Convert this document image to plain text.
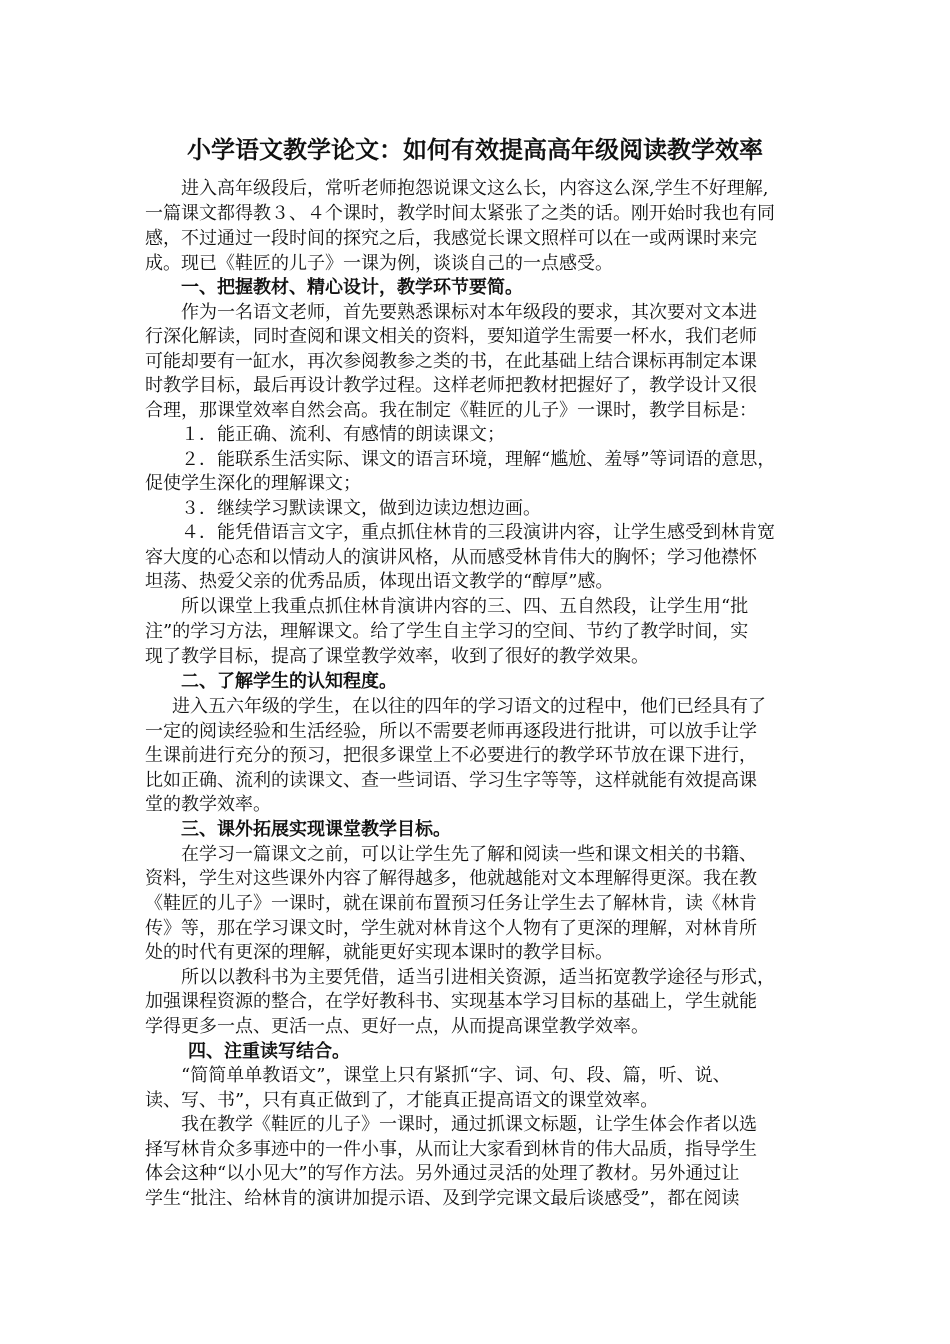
小学语文教学论文：如何有效提高高年级阅读教学效率
进入高年级段后，常听老师抱怨说课文这么长，内容这么深,学生不好理解,
一篇课文都得教３、４个课时，教学时间太紧张了之类的话。刚开始时我也有同
感，不过通过一段时间的探究之后，我感觉长课文照样可以在一或两课时来完
成。现已《鞋匠的儿子》一课为例，谈谈自己的一点感受。
一、把握教材、精心设计，教学环节要简。
作为一名语文老师，首先要熟悉课标对本年级段的要求，其次要对文本进
行深化解读，同时查阅和课文相关的资料，要知道学生需要一杯水，我们老师
可能却要有一缸水，再次参阅教参之类的书，在此基础上结合课标再制定本课
时教学目标，最后再设计教学过程。这样老师把教材把握好了，教学设计又很
合理，那课堂效率自然会高。我在制定《鞋匠的儿子》一课时，教学目标是：
１．能正确、流利、有感情的朗读课文；
２．能联系生活实际、课文的语言环境，理解“尴尬、羞辱”等词语的意思，
促使学生深化的理解课文；
３．继续学习默读课文，做到边读边想边画。
４．能凭借语言文字，重点抓住林肯的三段演讲内容，让学生感受到林肯宽
容大度的心态和以情动人的演讲风格，从而感受林肯伟大的胸怀；学习他襟怀
坦荡、热爱父亲的优秀品质，体现出语文教学的“醇厚”感。
所以课堂上我重点抓住林肯演讲内容的三、四、五自然段，让学生用“批
注”的学习方法，理解课文。给了学生自主学习的空间、节约了教学时间，实
现了教学目标，提高了课堂教学效率，收到了很好的教学效果。
二、了解学生的认知程度。
进入五六年级的学生，在以往的四年的学习语文的过程中，他们已经具有了
一定的阅读经验和生活经验，所以不需要老师再逐段进行批讲，可以放手让学
生课前进行充分的预习，把很多课堂上不必要进行的教学环节放在课下进行，
比如正确、流利的读课文、查一些词语、学习生字等等，这样就能有效提高课
堂的教学效率。
三、课外拓展实现课堂教学目标。
在学习一篇课文之前，可以让学生先了解和阅读一些和课文相关的书籍、
资料，学生对这些课外内容了解得越多，他就越能对文本理解得更深。我在教
《鞋匠的儿子》一课时，就在课前布置预习任务让学生去了解林肯，读《林肯
传》等，那在学习课文时，学生就对林肯这个人物有了更深的理解，对林肯所
处的时代有更深的理解，就能更好实现本课时的教学目标。
所以以教科书为主要凭借，适当引进相关资源，适当拓宽教学途径与形式，
加强课程资源的整合，在学好教科书、实现基本学习目标的基础上，学生就能
学得更多一点、更活一点、更好一点，从而提高课堂教学效率。
四、注重读写结合。
“简简单单教语文”，课堂上只有紧抓“字、词、句、段、篇，听、说、
读、写、书”，只有真正做到了，才能真正提高语文的课堂效率。
我在教学《鞋匠的儿子》一课时，通过抓课文标题，让学生体会作者以选
择写林肯众多事迹中的一件小事，从而让大家看到林肯的伟大品质，指导学生
体会这种“以小见大”的写作方法。另外通过灵活的处理了教材。另外通过让
学生“批注、给林肯的演讲加提示语、及到学完课文最后谈感受”，都在阅读
